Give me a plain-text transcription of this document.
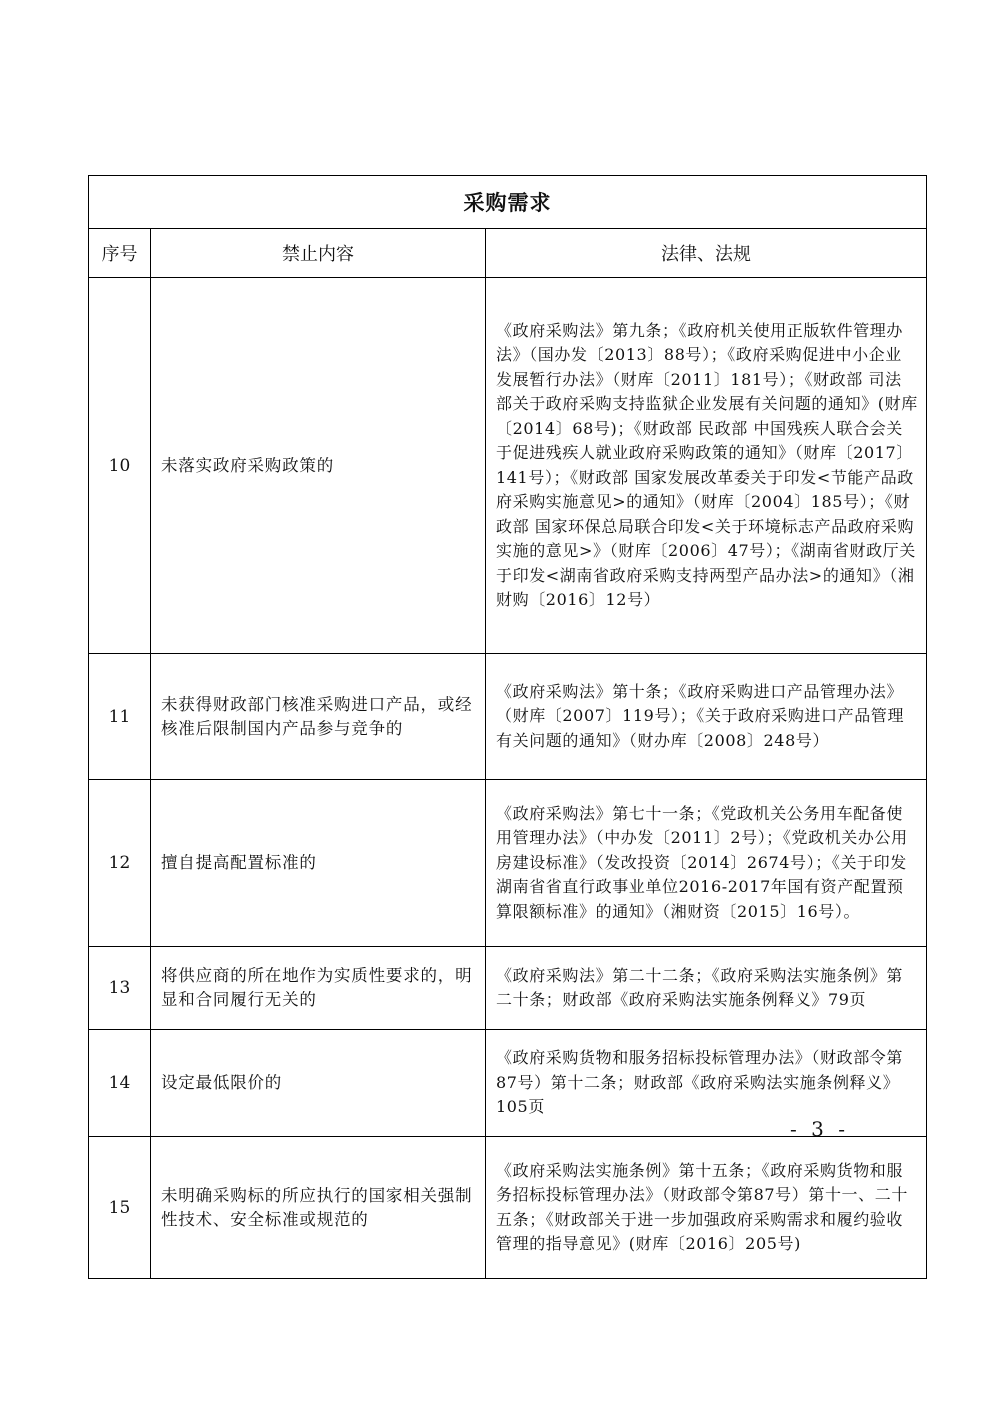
采购需求		
序号	禁止内容	法律、法规
10	未落实政府采购政策的	《政府采购法》第九条；《政府机关使用正版软件管理办法》（国办发〔2013〕88号）；《政府采购促进中小企业发展暂行办法》（财库〔2011〕181号）；《财政部 司法部关于政府采购支持监狱企业发展有关问题的通知》(财库〔2014〕68号)；《财政部 民政部 中国残疾人联合会关于促进残疾人就业政府采购政策的通知》（财库〔2017〕141号）；《财政部 国家发展改革委关于印发<节能产品政府采购实施意见>的通知》（财库〔2004〕185号）；《财政部 国家环保总局联合印发<关于环境标志产品政府采购实施的意见>》（财库〔2006〕47号）；《湖南省财政厅关于印发<湖南省政府采购支持两型产品办法>的通知》（湘财购〔2016〕12号）
11	未获得财政部门核准采购进口产品，或经核准后限制国内产品参与竞争的	《政府采购法》第十条；《政府采购进口产品管理办法》（财库〔2007〕119号）；《关于政府采购进口产品管理有关问题的通知》（财办库〔2008〕248号）
12	擅自提高配置标准的	《政府采购法》第七十一条；《党政机关公务用车配备使用管理办法》（中办发〔2011〕2号）；《党政机关办公用房建设标准》（发改投资〔2014〕2674号）；《关于印发湖南省省直行政事业单位2016-2017年国有资产配置预算限额标准》的通知》（湘财资〔2015〕16号）。
13	将供应商的所在地作为实质性要求的，明显和合同履行无关的	《政府采购法》第二十二条；《政府采购法实施条例》第二十条；财政部《政府采购法实施条例释义》79页
14	设定最低限价的	《政府采购货物和服务招标投标管理办法》（财政部令第87号）第十二条；财政部《政府采购法实施条例释义》105页
15	未明确采购标的所应执行的国家相关强制性技术、安全标准或规范的	《政府采购法实施条例》第十五条；《政府采购货物和服务招标投标管理办法》（财政部令第87号）第十一、二十五条；《财政部关于进一步加强政府采购需求和履约验收管理的指导意见》(财库〔2016〕205号)
- 3 -
